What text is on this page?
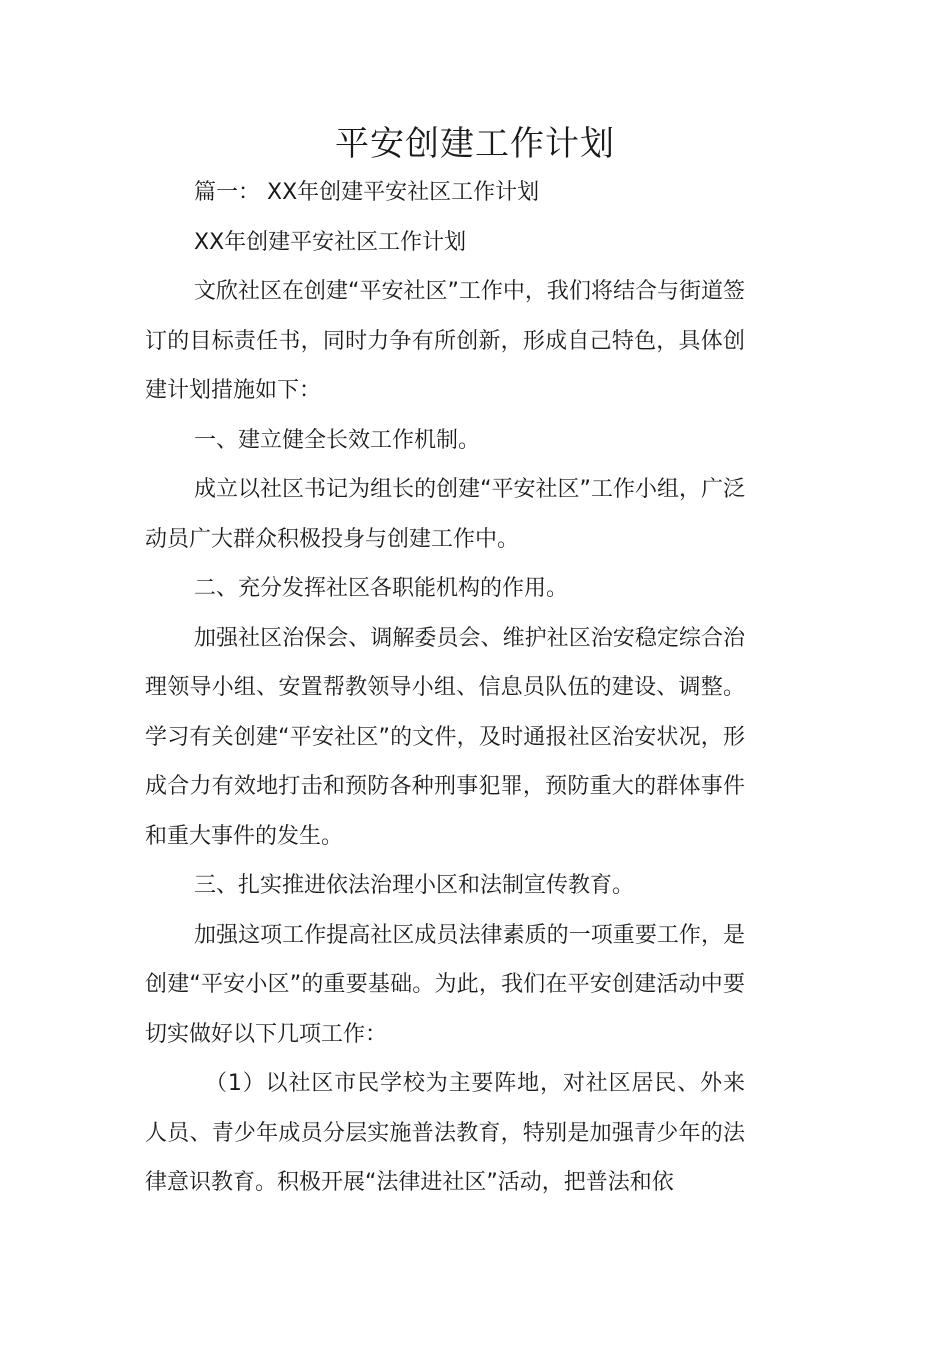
平安创建工作计划

篇一： XX年创建平安社区工作计划

XX年创建平安社区工作计划

文欣社区在创建“平安社区”工作中，我们将结合与街道签订的目标责任书，同时力争有所创新，形成自己特色，具体创建计划措施如下：

一、建立健全长效工作机制。

成立以社区书记为组长的创建“平安社区”工作小组，广泛动员广大群众积极投身与创建工作中。

二、充分发挥社区各职能机构的作用。

加强社区治保会、调解委员会、维护社区治安稳定综合治理领导小组、安置帮教领导小组、信息员队伍的建设、调整。学习有关创建“平安社区”的文件，及时通报社区治安状况，形成合力有效地打击和预防各种刑事犯罪，预防重大的群体事件和重大事件的发生。

三、扎实推进依法治理小区和法制宣传教育。

加强这项工作提高社区成员法律素质的一项重要工作，是创建“平安小区”的重要基础。为此，我们在平安创建活动中要切实做好以下几项工作：

（1）以社区市民学校为主要阵地，对社区居民、外来人员、青少年成员分层实施普法教育，特别是加强青少年的法律意识教育。积极开展“法律进社区”活动，把普法和依
